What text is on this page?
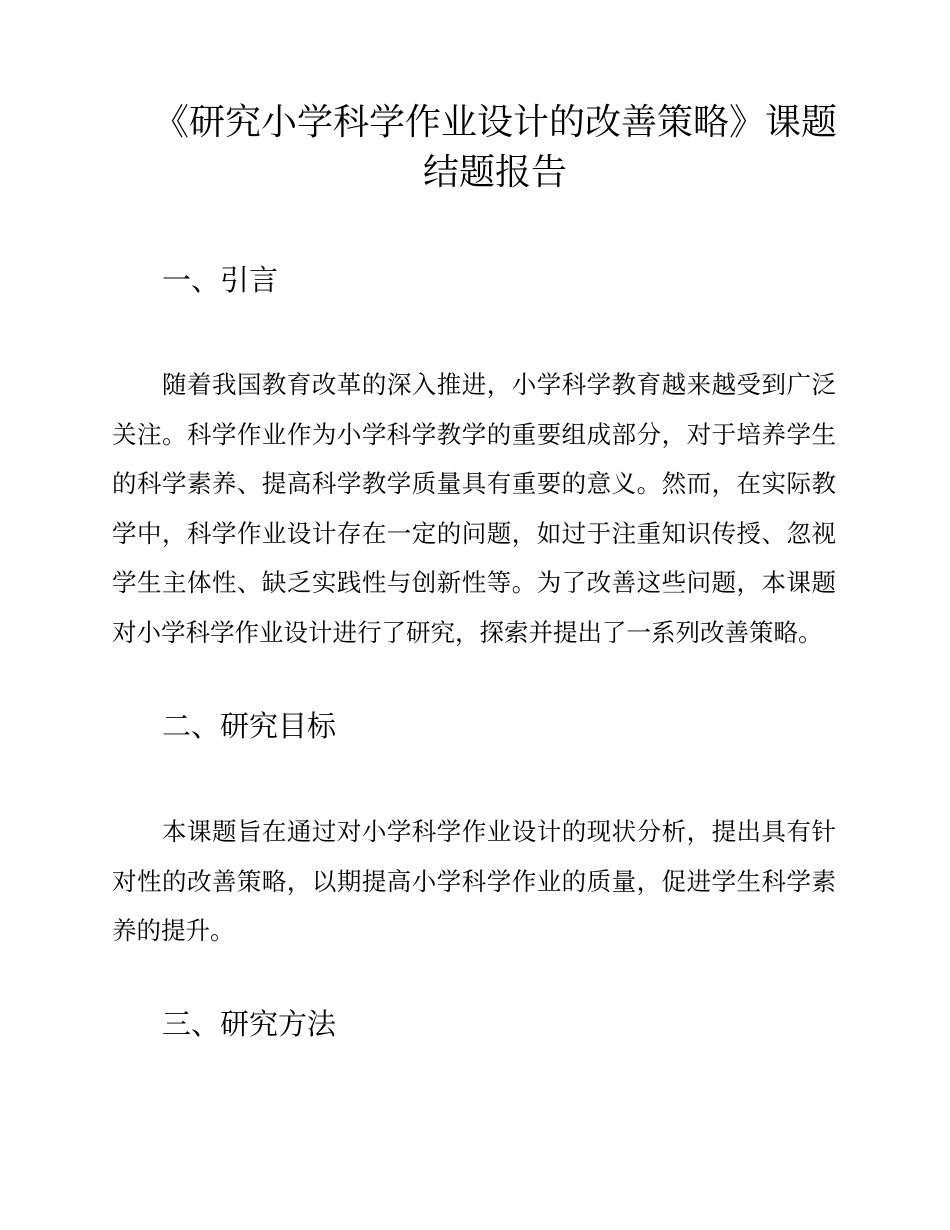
《研究小学科学作业设计的改善策略》课题结题报告
一、引言

随着我国教育改革的深入推进，小学科学教育越来越受到广泛关注。科学作业作为小学科学教学的重要组成部分，对于培养学生的科学素养、提高科学教学质量具有重要的意义。然而，在实际教学中，科学作业设计存在一定的问题，如过于注重知识传授、忽视学生主体性、缺乏实践性与创新性等。为了改善这些问题，本课题对小学科学作业设计进行了研究，探索并提出了一系列改善策略。

二、研究目标

本课题旨在通过对小学科学作业设计的现状分析，提出具有针对性的改善策略，以期提高小学科学作业的质量，促进学生科学素养的提升。

三、研究方法
